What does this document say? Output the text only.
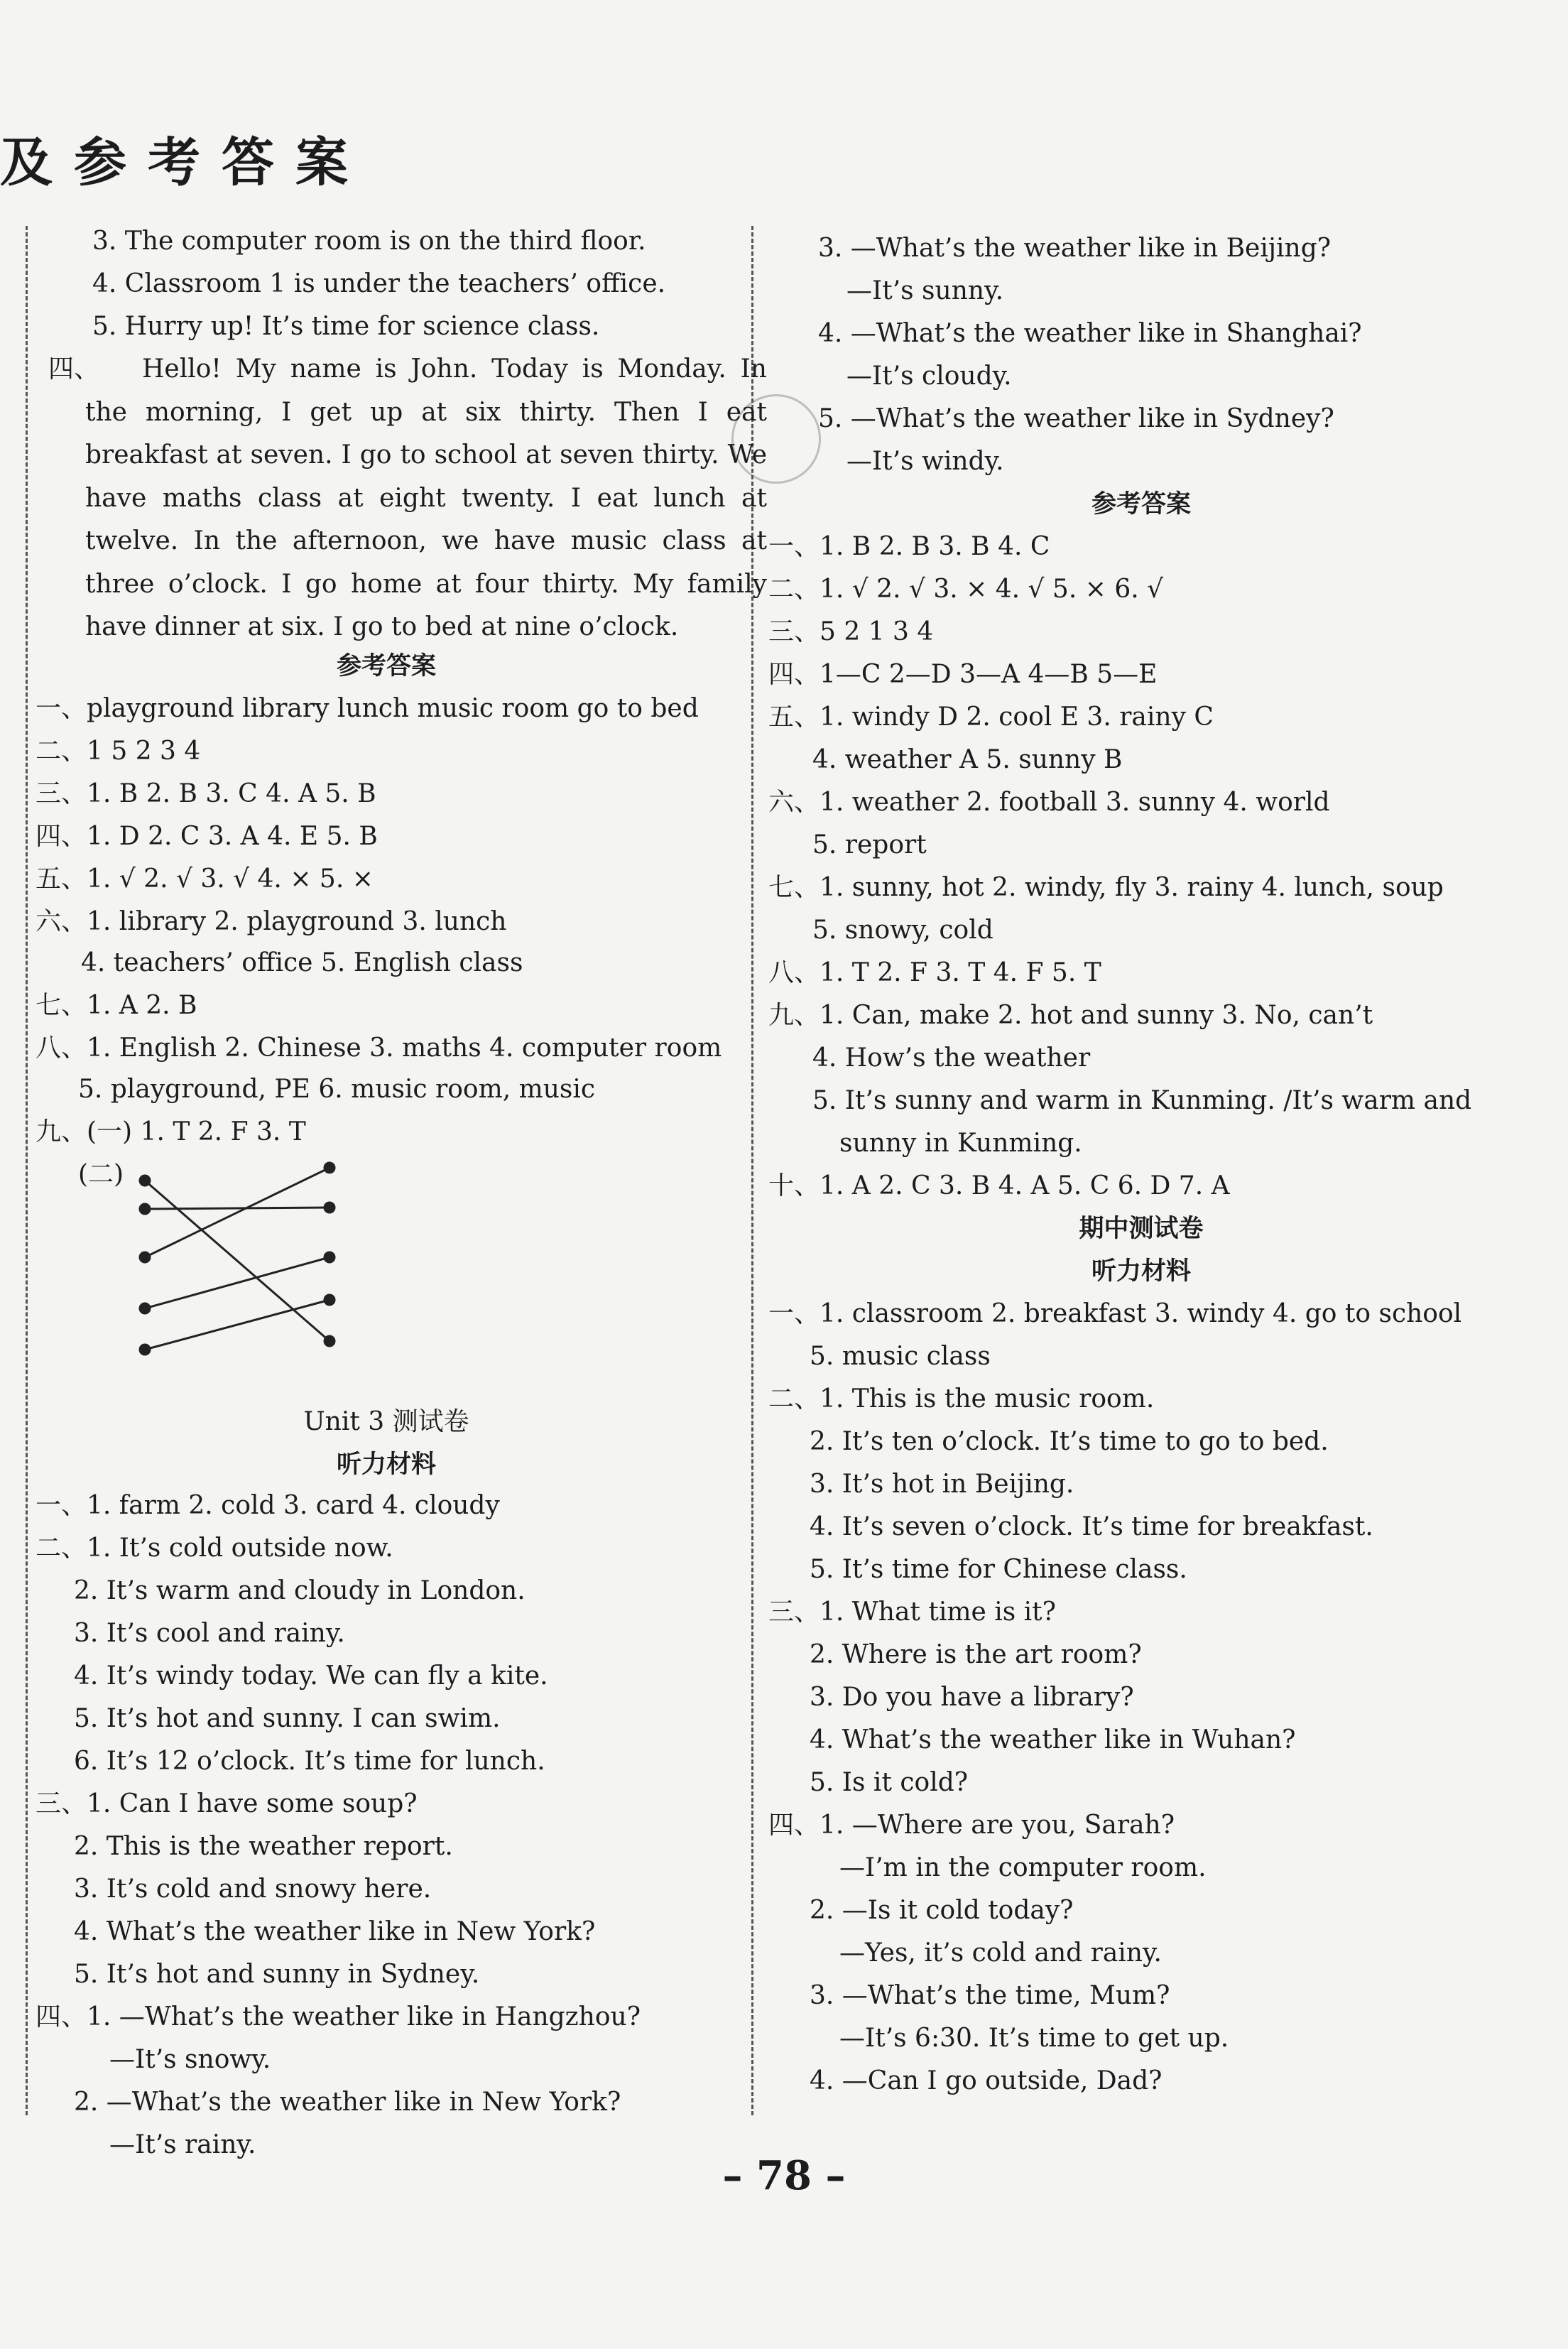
及参考答案
3. The computer room is on the third floor.
4. Classroom 1 is under the teachers’ office.
5. Hurry up! It’s time for science class.
四、	Hello! My name is John. Today is Monday. In the morning, I get up at six thirty. Then I eat breakfast at seven. I go to school at seven thirty. We have maths class at eight twenty. I eat lunch at twelve. In the afternoon, we have music class at three o’clock. I go home at four thirty. My family have dinner at six. I go to bed at nine o’clock.
参考答案
一、playground library lunch music room go to bed
二、1 5 2 3 4
三、1. B 2. B 3. C 4. A 5. B
四、1. D 2. C 3. A 4. E 5. B
五、1. √ 2. √ 3. √ 4. × 5. ×
六、1. library 2. playground 3. lunch
4. teachers’ office 5. English class
七、1. A 2. B
八、1. English 2. Chinese 3. maths 4. computer room
5. playground, PE 6. music room, music
九、(一) 1. T 2. F 3. T
(二)
Unit 3 测试卷
听力材料
一、1. farm 2. cold 3. card 4. cloudy
二、1. It’s cold outside now.
2. It’s warm and cloudy in London.
3. It’s cool and rainy.
4. It’s windy today. We can fly a kite.
5. It’s hot and sunny. I can swim.
6. It’s 12 o’clock. It’s time for lunch.
三、1. Can I have some soup?
2. This is the weather report.
3. It’s cold and snowy here.
4. What’s the weather like in New York?
5. It’s hot and sunny in Sydney.
四、1. —What’s the weather like in Hangzhou?
—It’s snowy.
2. —What’s the weather like in New York?
—It’s rainy.
3. —What’s the weather like in Beijing?
—It’s sunny.
4. —What’s the weather like in Shanghai?
—It’s cloudy.
5. —What’s the weather like in Sydney?
—It’s windy.
参考答案
一、1. B 2. B 3. B 4. C
二、1. √ 2. √ 3. × 4. √ 5. × 6. √
三、5 2 1 3 4
四、1—C 2—D 3—A 4—B 5—E
五、1. windy D 2. cool E 3. rainy C
4. weather A 5. sunny B
六、1. weather 2. football 3. sunny 4. world
5. report
七、1. sunny, hot 2. windy, fly 3. rainy 4. lunch, soup
5. snowy, cold
八、1. T 2. F 3. T 4. F 5. T
九、1. Can, make 2. hot and sunny 3. No, can’t
4. How’s the weather
5. It’s sunny and warm in Kunming. /It’s warm and
sunny in Kunming.
十、1. A 2. C 3. B 4. A 5. C 6. D 7. A
期中测试卷
听力材料
一、1. classroom 2. breakfast 3. windy 4. go to school
5. music class
二、1. This is the music room.
2. It’s ten o’clock. It’s time to go to bed.
3. It’s hot in Beijing.
4. It’s seven o’clock. It’s time for breakfast.
5. It’s time for Chinese class.
三、1. What time is it?
2. Where is the art room?
3. Do you have a library?
4. What’s the weather like in Wuhan?
5. Is it cold?
四、1. —Where are you, Sarah?
—I’m in the computer room.
2. —Is it cold today?
—Yes, it’s cold and rainy.
3. —What’s the time, Mum?
—It’s 6:30. It’s time to get up.
4. —Can I go outside, Dad?
– 78 –
